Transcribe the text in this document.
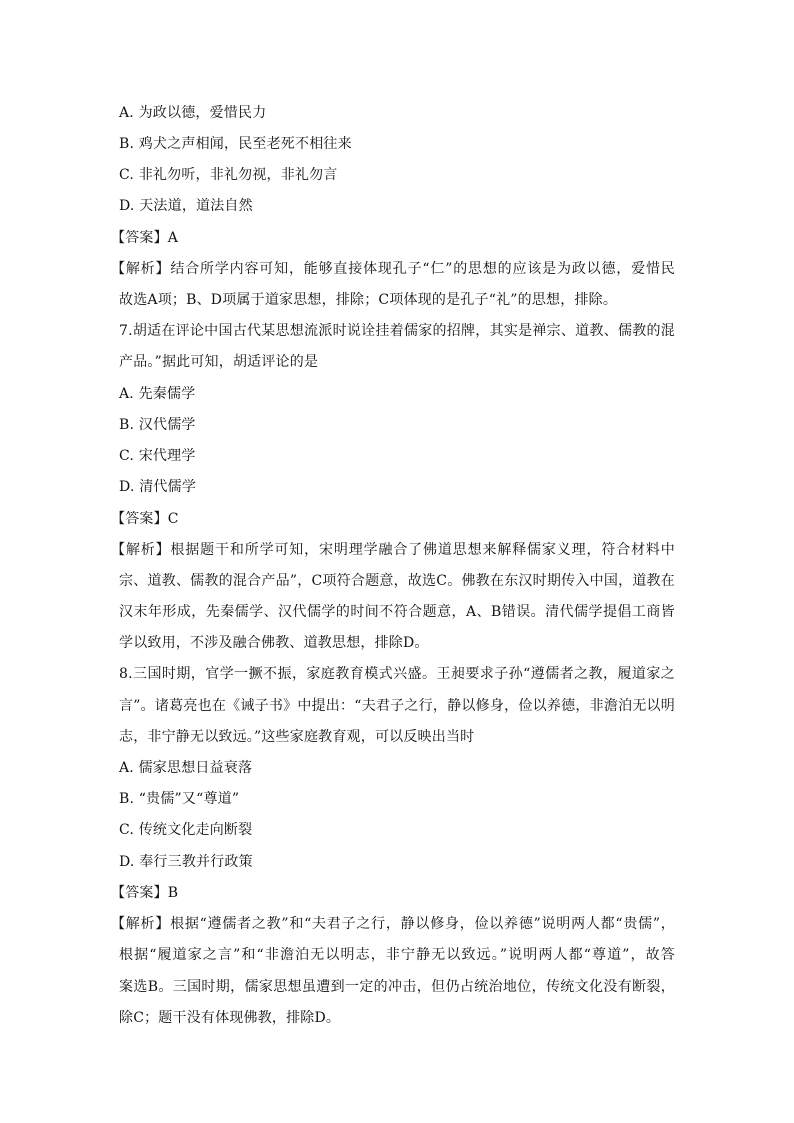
A. 为政以德，爱惜民力
B. 鸡犬之声相闻，民至老死不相往来
C. 非礼勿听，非礼勿视，非礼勿言
D. 天法道，道法自然
【答案】A
【解析】结合所学内容可知，能够直接体现孔子“仁”的思想的应该是为政以德，爱惜民
故选A项；B、D项属于道家思想，排除；C项体现的是孔子“礼”的思想，排除。
7.胡适在评论中国古代某思想流派时说诠挂着儒家的招牌，其实是禅宗、道教、儒教的混
产品。”据此可知，胡适评论的是
A. 先秦儒学
B. 汉代儒学
C. 宋代理学
D. 清代儒学
【答案】C
【解析】根据题干和所学可知，宋明理学融合了佛道思想来解释儒家义理，符合材料中
宗、道教、儒教的混合产品”，C项符合题意，故选C。佛教在东汉时期传入中国，道教在
汉末年形成，先秦儒学、汉代儒学的时间不符合题意，A、B错误。清代儒学提倡工商皆
学以致用，不涉及融合佛教、道教思想，排除D。
8.三国时期，官学一撅不振，家庭教育模式兴盛。王昶要求子孙“遵儒者之教，履道家之
言”。诸葛亮也在《诫子书》中提出：“夫君子之行，静以修身，俭以养德，非澹泊无以明
志，非宁静无以致远。”这些家庭教育观，可以反映出当时
A. 儒家思想日益衰落
B. “贵儒”又“尊道”
C. 传统文化走向断裂
D. 奉行三教并行政策
【答案】B
【解析】根据“遵儒者之教”和“夫君子之行，静以修身，俭以养德”说明两人都“贵儒”，
根据“履道家之言”和“非澹泊无以明志，非宁静无以致远。”说明两人都“尊道”，故答
案选B。三国时期，儒家思想虽遭到一定的冲击，但仍占统治地位，传统文化没有断裂，
除C；题干没有体现佛教，排除D。
